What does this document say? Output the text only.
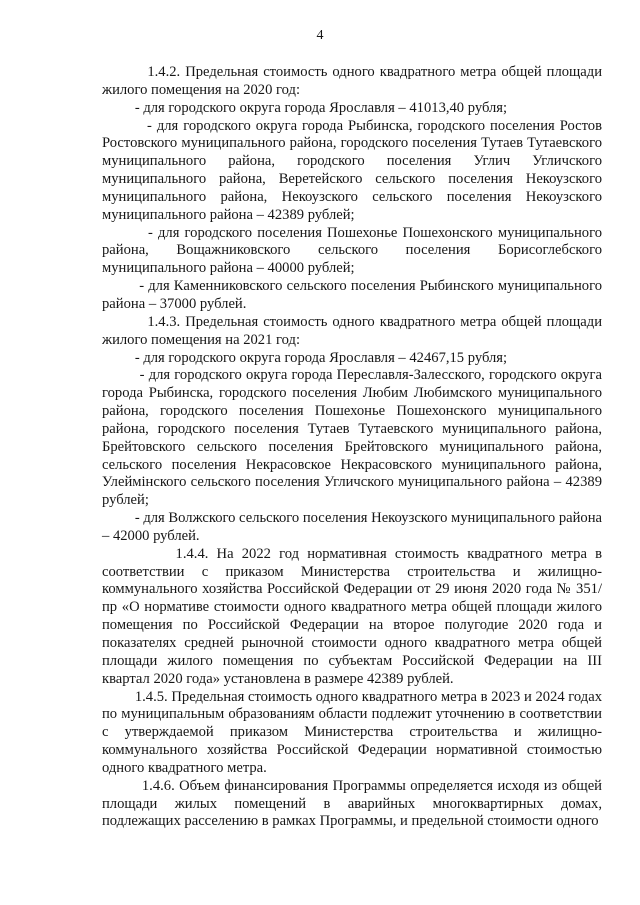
4

1.4.2. Предельная стоимость одного квадратного метра общей площади жилого помещения на 2020 год:

- для городского округа города Ярославля – 41013,40 рубля;

- для городского округа города Рыбинска, городского поселения Ростов Ростовского муниципального района, городского поселения Тутаев Тутаевского муниципального района, городского поселения Углич Угличского муниципального района, Веретейского сельского поселения Некоузского муниципального района, Некоузского сельского поселения Некоузского муниципального района – 42389 рублей;

- для городского поселения Пошехонье Пошехонского муниципального района, Вощажниковского сельского поселения Борисоглебского муниципального района – 40000 рублей;

- для Каменниковского сельского поселения Рыбинского муниципального района – 37000 рублей.

1.4.3. Предельная стоимость одного квадратного метра общей площади жилого помещения на 2021 год:

- для городского округа города Ярославля – 42467,15 рубля;

- для городского округа города Переславля-Залесского, городского округа города Рыбинска, городского поселения Любим Любимского муниципального района, городского поселения Пошехонье Пошехонского муниципального района, городского поселения Тутаев Тутаевского муниципального района, Брейтовского сельского поселения Брейтовского муниципального района, сельского поселения Некрасовское Некрасовского муниципального района, Улеймінского сельского поселения Угличского муниципального района – 42389 рублей;

- для Волжского сельского поселения Некоузского муниципального района – 42000 рублей.

1.4.4. На 2022 год нормативная стоимость квадратного метра в соответствии с приказом Министерства строительства и жилищно-коммунального хозяйства Российской Федерации от 29 июня 2020 года № 351/пр «О нормативе стоимости одного квадратного метра общей площади жилого помещения по Российской Федерации на второе полугодие 2020 года и показателях средней рыночной стоимости одного квадратного метра общей площади жилого помещения по субъектам Российской Федерации на III квартал 2020 года» установлена в размере 42389 рублей.

1.4.5. Предельная стоимость одного квадратного метра в 2023 и 2024 годах по муниципальным образованиям области подлежит уточнению в соответствии с утверждаемой приказом Министерства строительства и жилищно-коммунального хозяйства Российской Федерации нормативной стоимостью одного квадратного метра.

1.4.6. Объем финансирования Программы определяется исходя из общей площади жилых помещений в аварийных многоквартирных домах, подлежащих расселению в рамках Программы, и предельной стоимости одного
